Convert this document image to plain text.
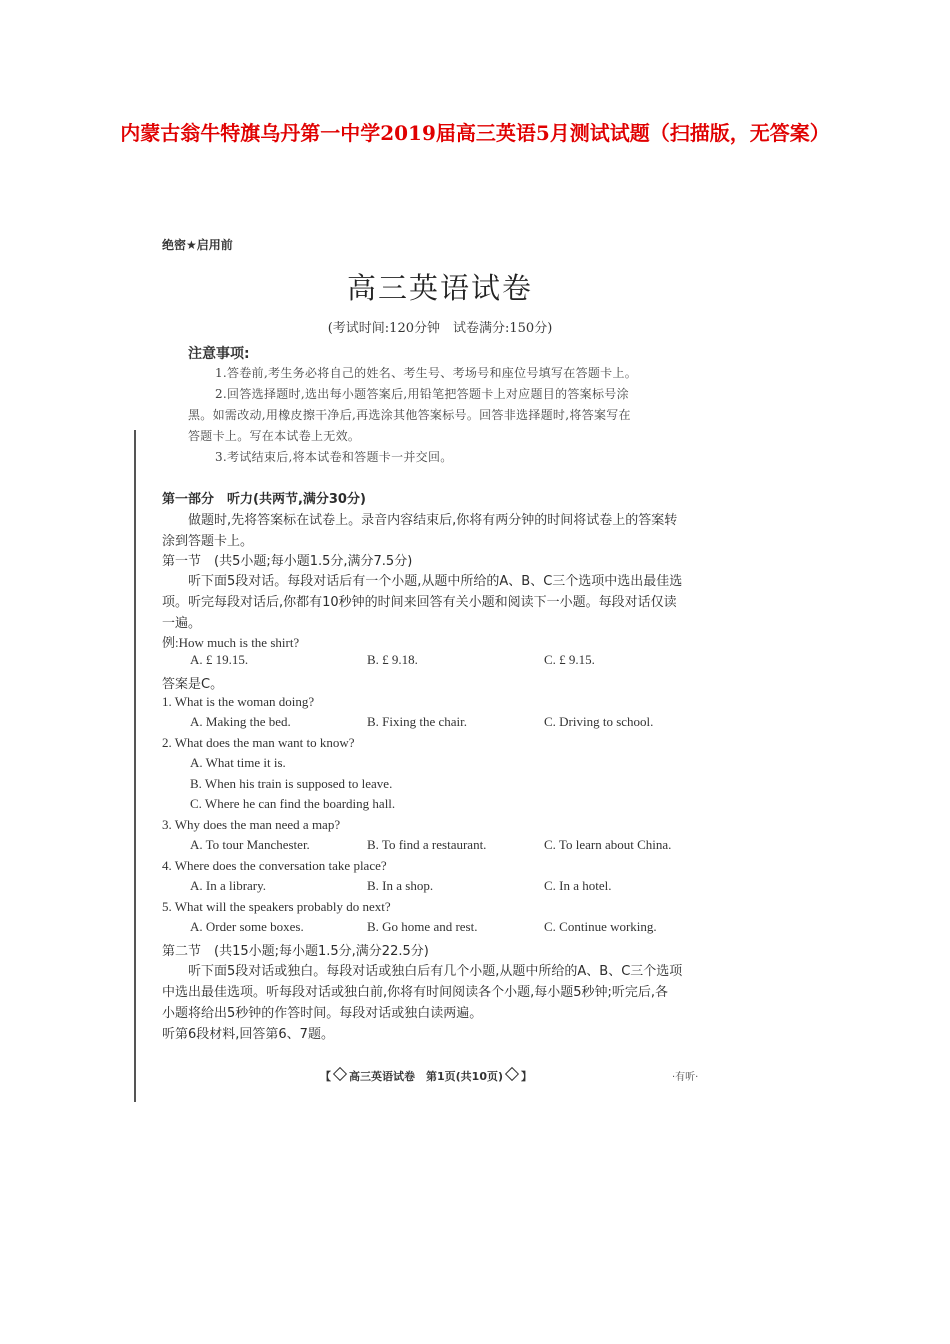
内蒙古翁牛特旗乌丹第一中学2019届高三英语5月测试试题（扫描版，无答案）

绝密★启用前

高三英语试卷

(考试时间:120分钟　试卷满分:150分)

注意事项:

1.答卷前,考生务必将自己的姓名、考生号、考场号和座位号填写在答题卡上。

2.回答选择题时,选出每小题答案后,用铅笔把答题卡上对应题目的答案标号涂

黑。如需改动,用橡皮擦干净后,再选涂其他答案标号。回答非选择题时,将答案写在

答题卡上。写在本试卷上无效。

3.考试结束后,将本试卷和答题卡一并交回。

第一部分　听力(共两节,满分30分)

做题时,先将答案标在试卷上。录音内容结束后,你将有两分钟的时间将试卷上的答案转

涂到答题卡上。

第一节　(共5小题;每小题1.5分,满分7.5分)

听下面5段对话。每段对话后有一个小题,从题中所给的A、B、C三个选项中选出最佳选

项。听完每段对话后,你都有10秒钟的时间来回答有关小题和阅读下一小题。每段对话仅读

一遍。

例:How much is the shirt?

A. £ 19.15.	B. £ 9.18.	C. £ 9.15.

答案是C。

1. What is the woman doing?

A. Making the bed.	B. Fixing the chair.	C. Driving to school.

2. What does the man want to know?

A. What time it is.

B. When his train is supposed to leave.

C. Where he can find the boarding hall.

3. Why does the man need a map?

A. To tour Manchester.	B. To find a restaurant.	C. To learn about China.

4. Where does the conversation take place?

A. In a library.	B. In a shop.	C. In a hotel.

5. What will the speakers probably do next?

A. Order some boxes.	B. Go home and rest.	C. Continue working.

第二节　(共15小题;每小题1.5分,满分22.5分)

听下面5段对话或独白。每段对话或独白后有几个小题,从题中所给的A、B、C三个选项

中选出最佳选项。听每段对话或独白前,你将有时间阅读各个小题,每小题5秒钟;听完后,各

小题将给出5秒钟的作答时间。每段对话或独白读两遍。

听第6段材料,回答第6、7题。

【 高三英语试卷　第1页(共10页) 】	·有听·
